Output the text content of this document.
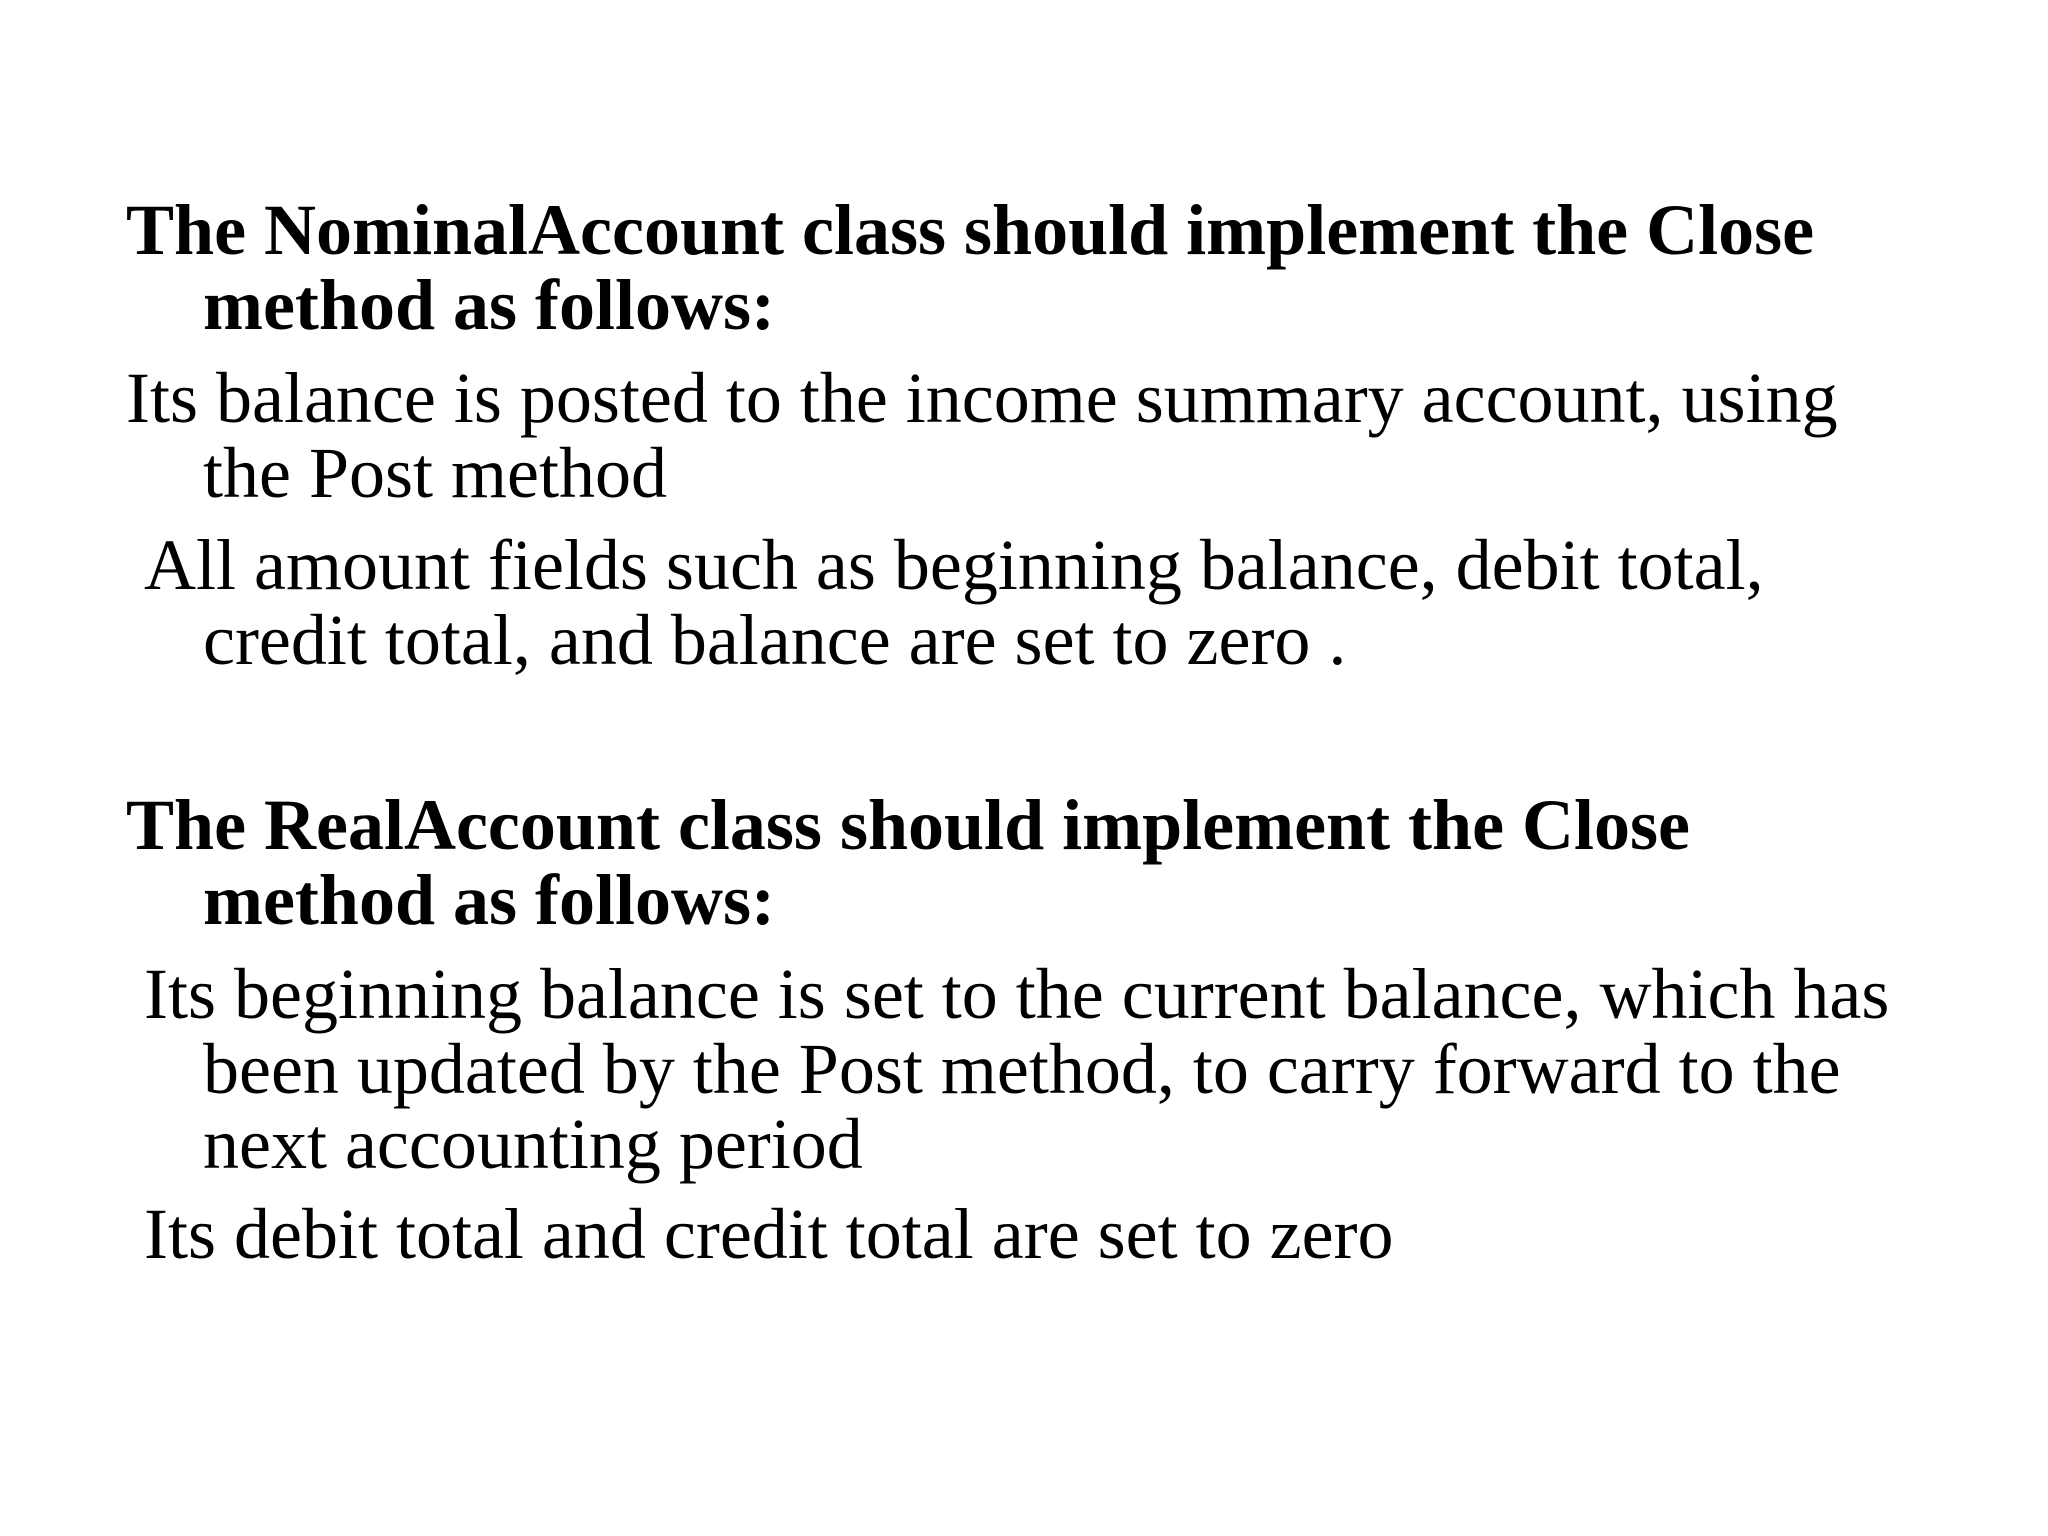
The NominalAccount class should implement the Close method as follows:
Its balance is posted to the income summary account, using the Post method
All amount fields such as beginning balance, debit total, credit total, and balance are set to zero .
The RealAccount class should implement the Close method as follows:
Its beginning balance is set to the current balance, which has been updated by the Post method, to carry forward to the next accounting period
Its debit total and credit total are set to zero
